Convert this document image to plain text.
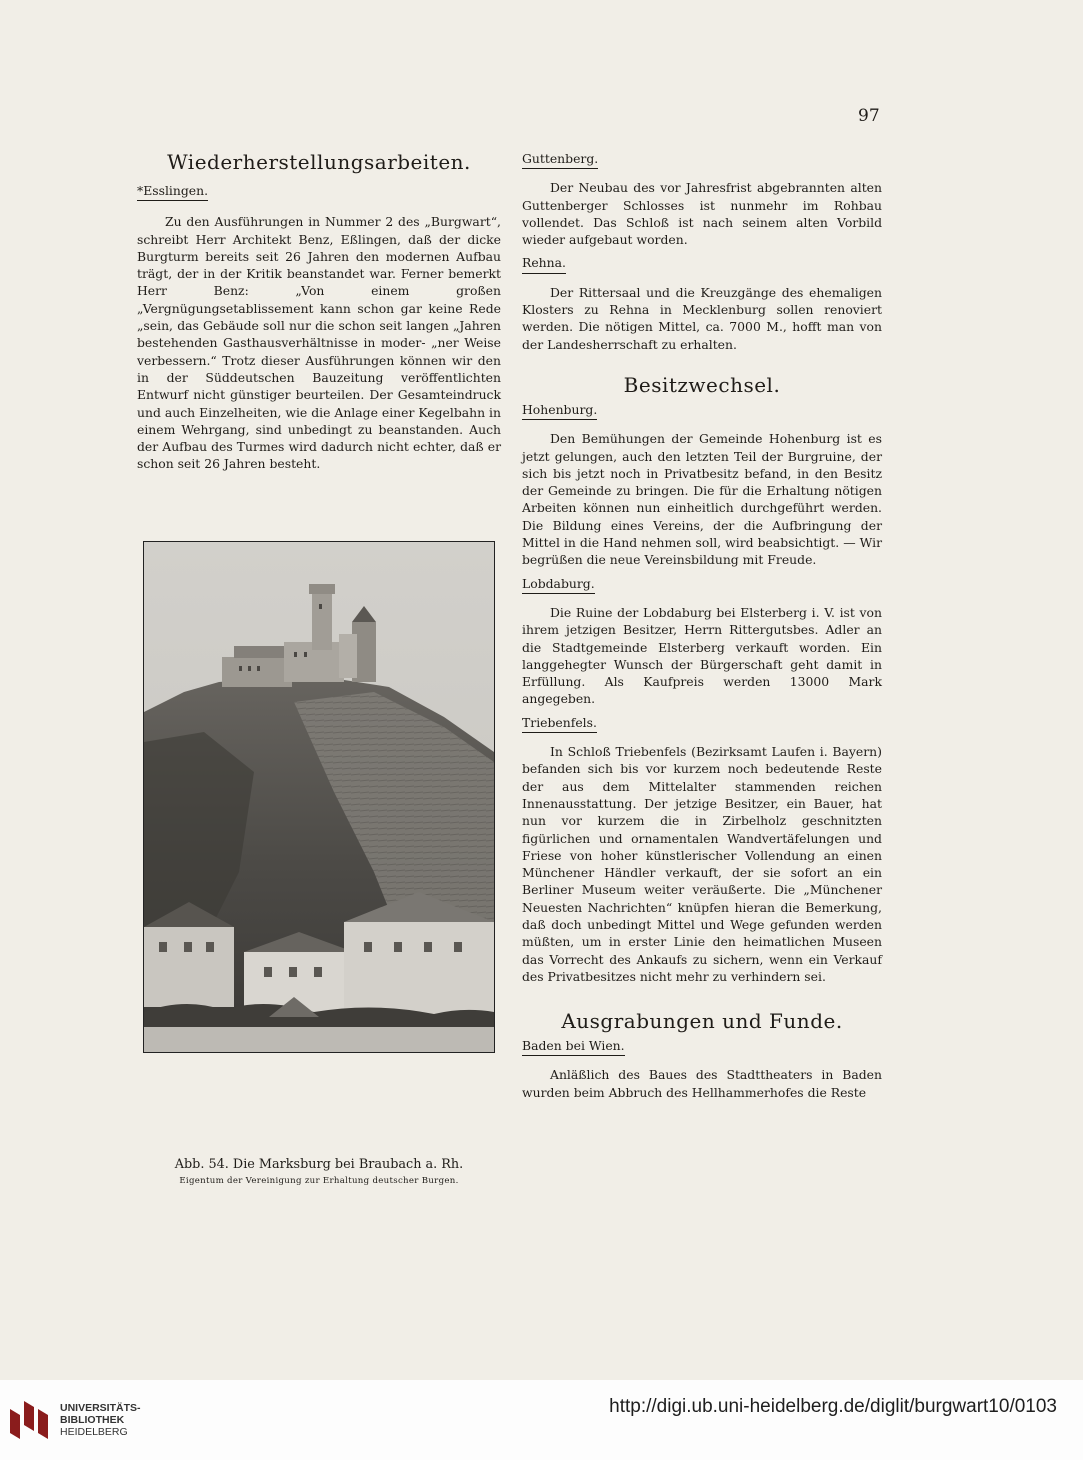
97
Wiederherstellungsarbeiten.
*Esslingen.

Zu den Ausführungen in Nummer 2 des „Burgwart“, schreibt Herr Architekt Benz, Eßlingen, daß der dicke Burgturm bereits seit 26 Jahren den modernen Aufbau trägt, der in der Kritik beanstandet war. Ferner bemerkt Herr Benz: „Von einem großen „Vergnügungsetablissement kann schon gar keine Rede „sein, das Gebäude soll nur die schon seit langen „Jahren bestehenden Gasthausverhältnisse in moder- „ner Weise verbessern.“ Trotz dieser Ausführungen können wir den in der Süddeutschen Bauzeitung veröffentlichten Entwurf nicht günstiger beurteilen. Der Gesamteindruck und auch Einzelheiten, wie die Anlage einer Kegelbahn in einem Wehrgang, sind unbedingt zu beanstanden. Auch der Aufbau des Turmes wird dadurch nicht echter, daß er schon seit 26 Jahren besteht.

Abb. 54. Die Marksburg bei Braubach a. Rh.
Eigentum der Vereinigung zur Erhaltung deutscher Burgen.
Guttenberg.

Der Neubau des vor Jahresfrist abgebrannten alten Guttenberger Schlosses ist nunmehr im Rohbau vollendet. Das Schloß ist nach seinem alten Vorbild wieder aufgebaut worden.

Rehna.

Der Rittersaal und die Kreuzgänge des ehemaligen Klosters zu Rehna in Mecklenburg sollen renoviert werden. Die nötigen Mittel, ca. 7000 M., hofft man von der Landesherrschaft zu erhalten.

Besitzwechsel.
Hohenburg.

Den Bemühungen der Gemeinde Hohenburg ist es jetzt gelungen, auch den letzten Teil der Burgruine, der sich bis jetzt noch in Privatbesitz befand, in den Besitz der Gemeinde zu bringen. Die für die Erhaltung nötigen Arbeiten können nun einheitlich durchgeführt werden. Die Bildung eines Vereins, der die Aufbringung der Mittel in die Hand nehmen soll, wird beabsichtigt. — Wir begrüßen die neue Vereinsbildung mit Freude.

Lobdaburg.

Die Ruine der Lobdaburg bei Elsterberg i. V. ist von ihrem jetzigen Besitzer, Herrn Rittergutsbes. Adler an die Stadtgemeinde Elsterberg verkauft worden. Ein langgehegter Wunsch der Bürgerschaft geht damit in Erfüllung. Als Kaufpreis werden 13000 Mark angegeben.

Triebenfels.

In Schloß Triebenfels (Bezirksamt Laufen i. Bayern) befanden sich bis vor kurzem noch bedeutende Reste der aus dem Mittelalter stammenden reichen Innenausstattung. Der jetzige Besitzer, ein Bauer, hat nun vor kurzem die in Zirbelholz geschnitzten figürlichen und ornamentalen Wandvertäfelungen und Friese von hoher künstlerischer Vollendung an einen Münchener Händler verkauft, der sie sofort an ein Berliner Museum weiter veräußerte. Die „Münchener Neuesten Nachrichten“ knüpfen hieran die Bemerkung, daß doch unbedingt Mittel und Wege gefunden werden müßten, um in erster Linie den heimatlichen Museen das Vorrecht des Ankaufs zu sichern, wenn ein Verkauf des Privatbesitzes nicht mehr zu verhindern sei.

Ausgrabungen und Funde.
Baden bei Wien.

Anläßlich des Baues des Stadttheaters in Baden wurden beim Abbruch des Hellhammerhofes die Reste

UNIVERSITÄTS-
BIBLIOTHEK
HEIDELBERG
http://digi.ub.uni-heidelberg.de/diglit/burgwart10/0103
